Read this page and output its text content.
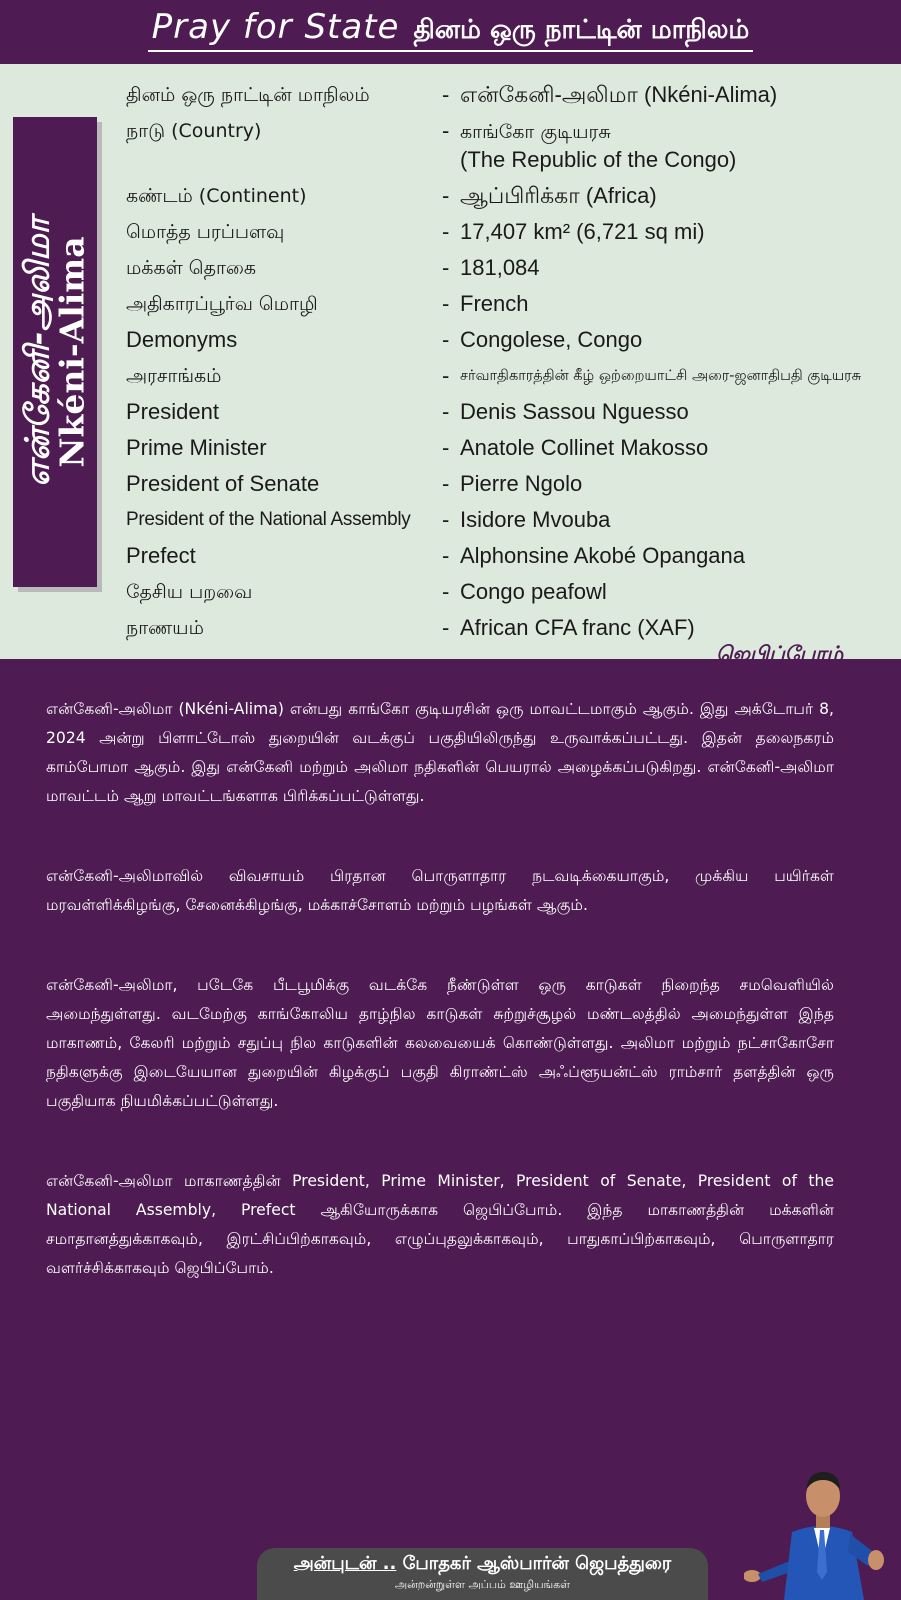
Pray for State தினம் ஒரு நாட்டின் மாநிலம்
என்கேனி-அலிமா
Nkéni-Alima
தினம் ஒரு நாட்டின் மாநிலம்	- என்கேனி-அலிமா (Nkéni-Alima)
நாடு (Country)	- காங்கோ குடியரசு
(The Republic of the Congo)
கண்டம் (Continent)	- ஆப்பிரிக்கா (Africa)
மொத்த பரப்பளவு	- 17,407 km² (6,721 sq mi)
மக்கள் தொகை	- 181,084
அதிகாரப்பூர்வ மொழி	- French
Demonyms	- Congolese, Congo
அரசாங்கம்	- சர்வாதிகாரத்தின் கீழ் ஒற்றையாட்சி அரை-ஜனாதிபதி குடியரசு
President	- Denis Sassou Nguesso
Prime Minister	- Anatole Collinet Makosso
President of Senate	- Pierre Ngolo
President of the National Assembly	- Isidore Mvouba
Prefect	- Alphonsine Akobé Opangana
தேசிய பறவை	- Congo peafowl
நாணயம்	- African CFA franc (XAF)
ஜெபிப்போம்

என்கேனி-அலிமா (Nkéni-Alima) என்பது காங்கோ குடியரசின் ஒரு மாவட்டமாகும் ஆகும். இது அக்டோபர் 8, 2024 அன்று பிளாட்டோஸ் துறையின் வடக்குப் பகுதியிலிருந்து உருவாக்கப்பட்டது. இதன் தலைநகரம் காம்போமா ஆகும். இது என்கேனி மற்றும் அலிமா நதிகளின் பெயரால் அழைக்கப்படுகிறது. என்கேனி-அலிமா மாவட்டம் ஆறு மாவட்டங்களாக பிரிக்கப்பட்டுள்ளது.

என்கேனி-அலிமாவில் விவசாயம் பிரதான பொருளாதார நடவடிக்கையாகும், முக்கிய பயிர்கள் மரவள்ளிக்கிழங்கு, சேனைக்கிழங்கு, மக்காச்சோளம் மற்றும் பழங்கள் ஆகும்.

என்கேனி-அலிமா, படேகே பீடபூமிக்கு வடக்கே நீண்டுள்ள ஒரு காடுகள் நிறைந்த சமவெளியில் அமைந்துள்ளது. வடமேற்கு காங்கோலிய தாழ்நில காடுகள் சுற்றுச்சூழல் மண்டலத்தில் அமைந்துள்ள இந்த மாகாணம், கேலரி மற்றும் சதுப்பு நில காடுகளின் கலவையைக் கொண்டுள்ளது. அலிமா மற்றும் நட்சாகோசோ நதிகளுக்கு இடையேயான துறையின் கிழக்குப் பகுதி கிராண்ட்ஸ் அஃப்ளூயன்ட்ஸ் ராம்சார் தளத்தின் ஒரு பகுதியாக நியமிக்கப்பட்டுள்ளது.

என்கேனி-அலிமா மாகாணத்தின் President, Prime Minister, President of Senate, President of the National Assembly, Prefect ஆகியோருக்காக ஜெபிப்போம். இந்த மாகாணத்தின் மக்களின் சமாதானத்துக்காகவும், இரட்சிப்பிற்காகவும், எழுப்புதலுக்காகவும், பாதுகாப்பிற்காகவும், பொருளாதார வளர்ச்சிக்காகவும் ஜெபிப்போம்.

அன்புடன் .. போதகர் ஆஸ்பார்ன் ஜெபத்துரை
அன்றன்றுள்ள அப்பம் ஊழியங்கள்
